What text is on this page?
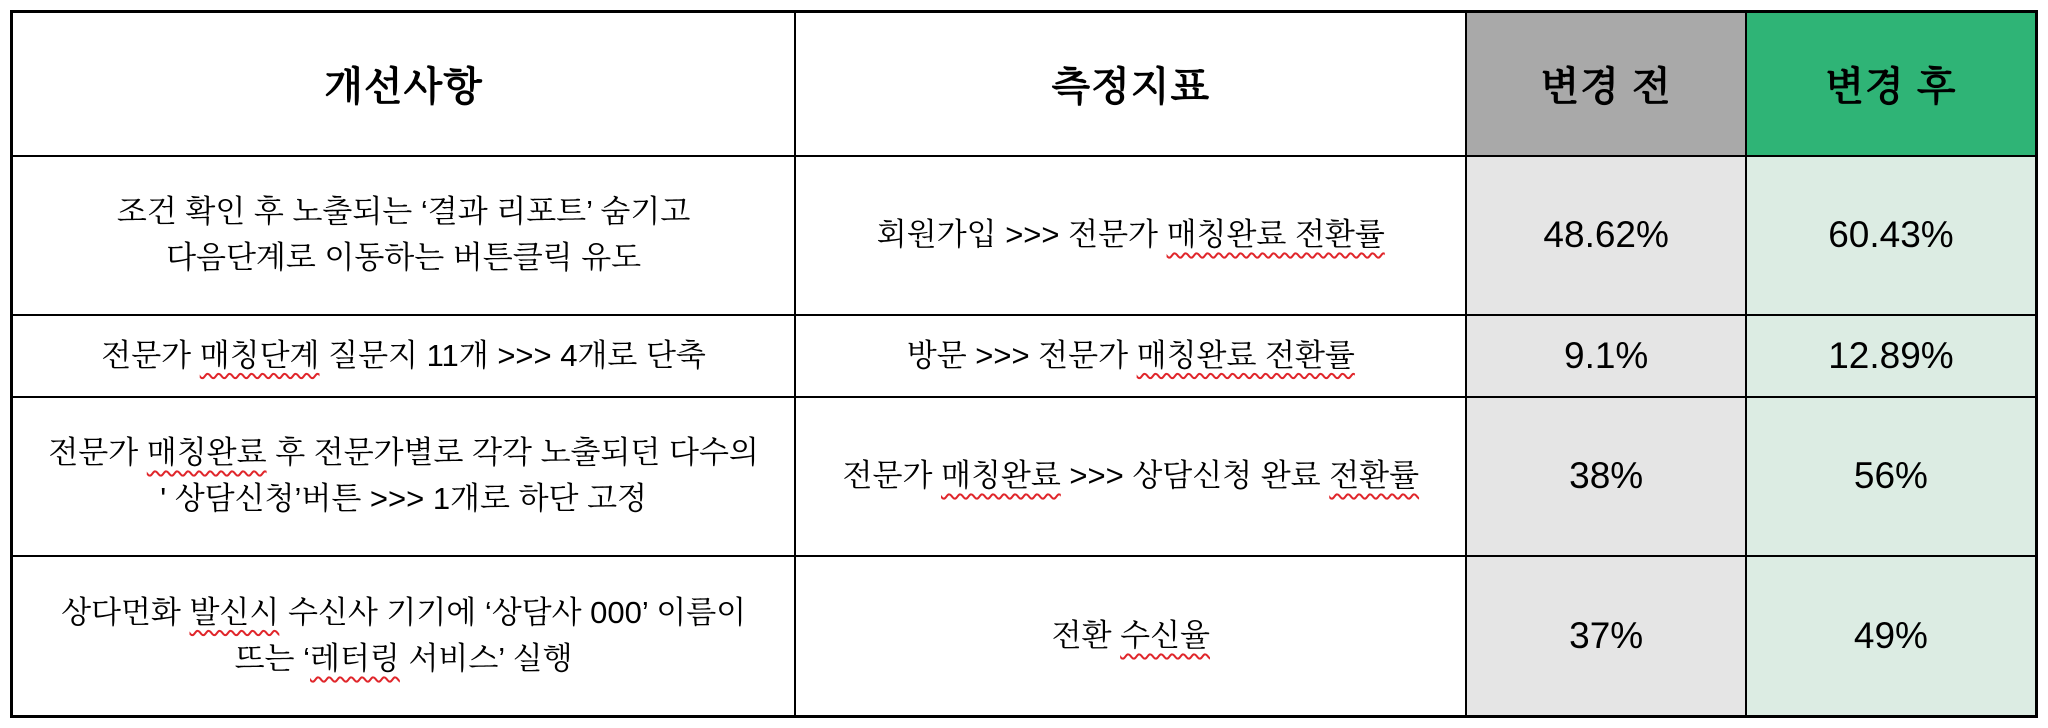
개선사항	측정지표	변경 전	변경 후

조건 확인 후 노출되는 ‘결과 리포트’ 숨기고
다음단계로 이동하는 버튼클릭 유도	회원가입 >>> 전문가 매칭완료 전환률	48.62%	60.43%

전문가 매칭단계 질문지 11개 >>> 4개로 단축	방문 >>> 전문가 매칭완료 전환률	9.1%	12.89%

전문가 매칭완료 후 전문가별로 각각 노출되던 다수의
' 상담신청’버튼 >>> 1개로 하단 고정	전문가 매칭완료 >>> 상담신청 완료 전환률	38%	56%

상다먼화 발신시 수신사 기기에 ‘상담사 000’ 이름이
뜨는 ‘레터링 서비스’ 실행	전환 수신율	37%	49%
